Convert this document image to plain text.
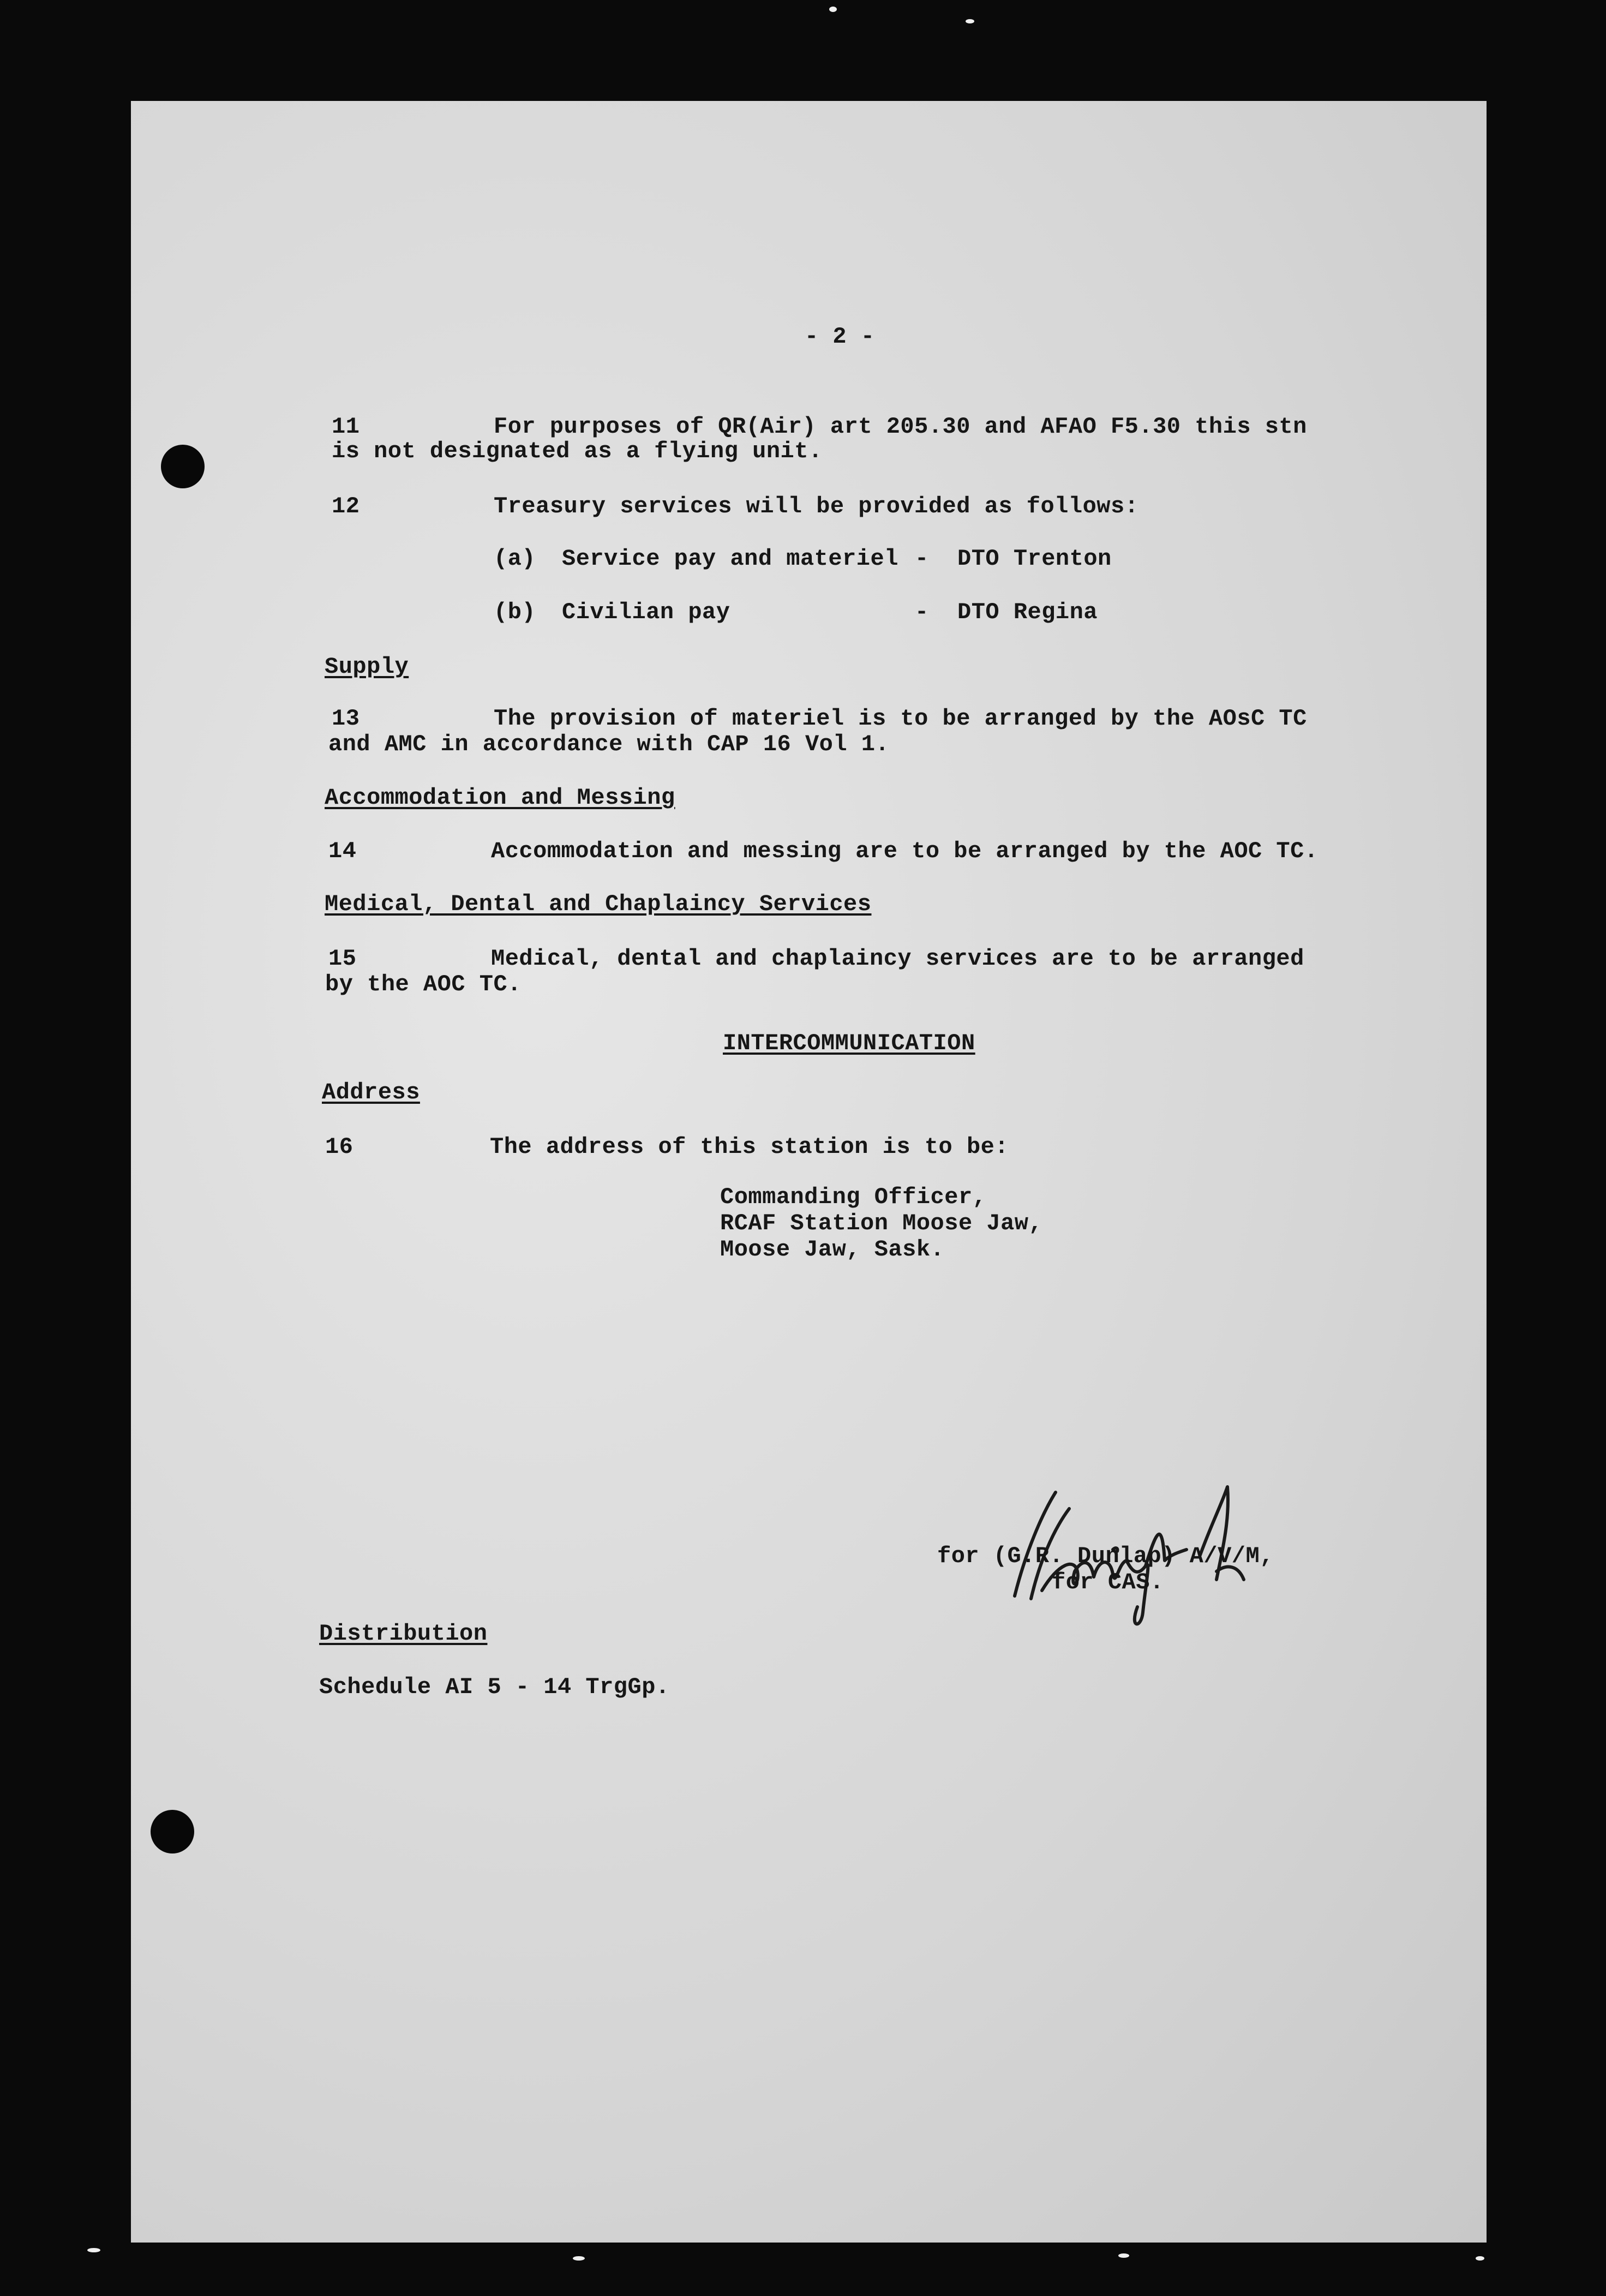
- 2 -
11	For purposes of QR(Air) art 205.30 and AFAO F5.30 this stn
is not designated as a flying unit.
12	Treasury services will be provided as follows:
(a) Service pay and materiel - DTO Trenton
(b) Civilian pay	- DTO Regina
Supply
13	The provision of materiel is to be arranged by the AOsC TC
and AMC in accordance with CAP 16 Vol 1.
Accommodation and Messing
14	Accommodation and messing are to be arranged by the AOC TC.
Medical, Dental and Chaplaincy Services
15	Medical, dental and chaplaincy services are to be arranged
by the AOC TC.
INTERCOMMUNICATION
Address
16	The address of this station is to be:
Commanding Officer,
RCAF Station Moose Jaw,
Moose Jaw, Sask.
for (G.R. Dunlap) A/V/M,
for CAS.
Distribution
Schedule AI 5 - 14 TrgGp.
